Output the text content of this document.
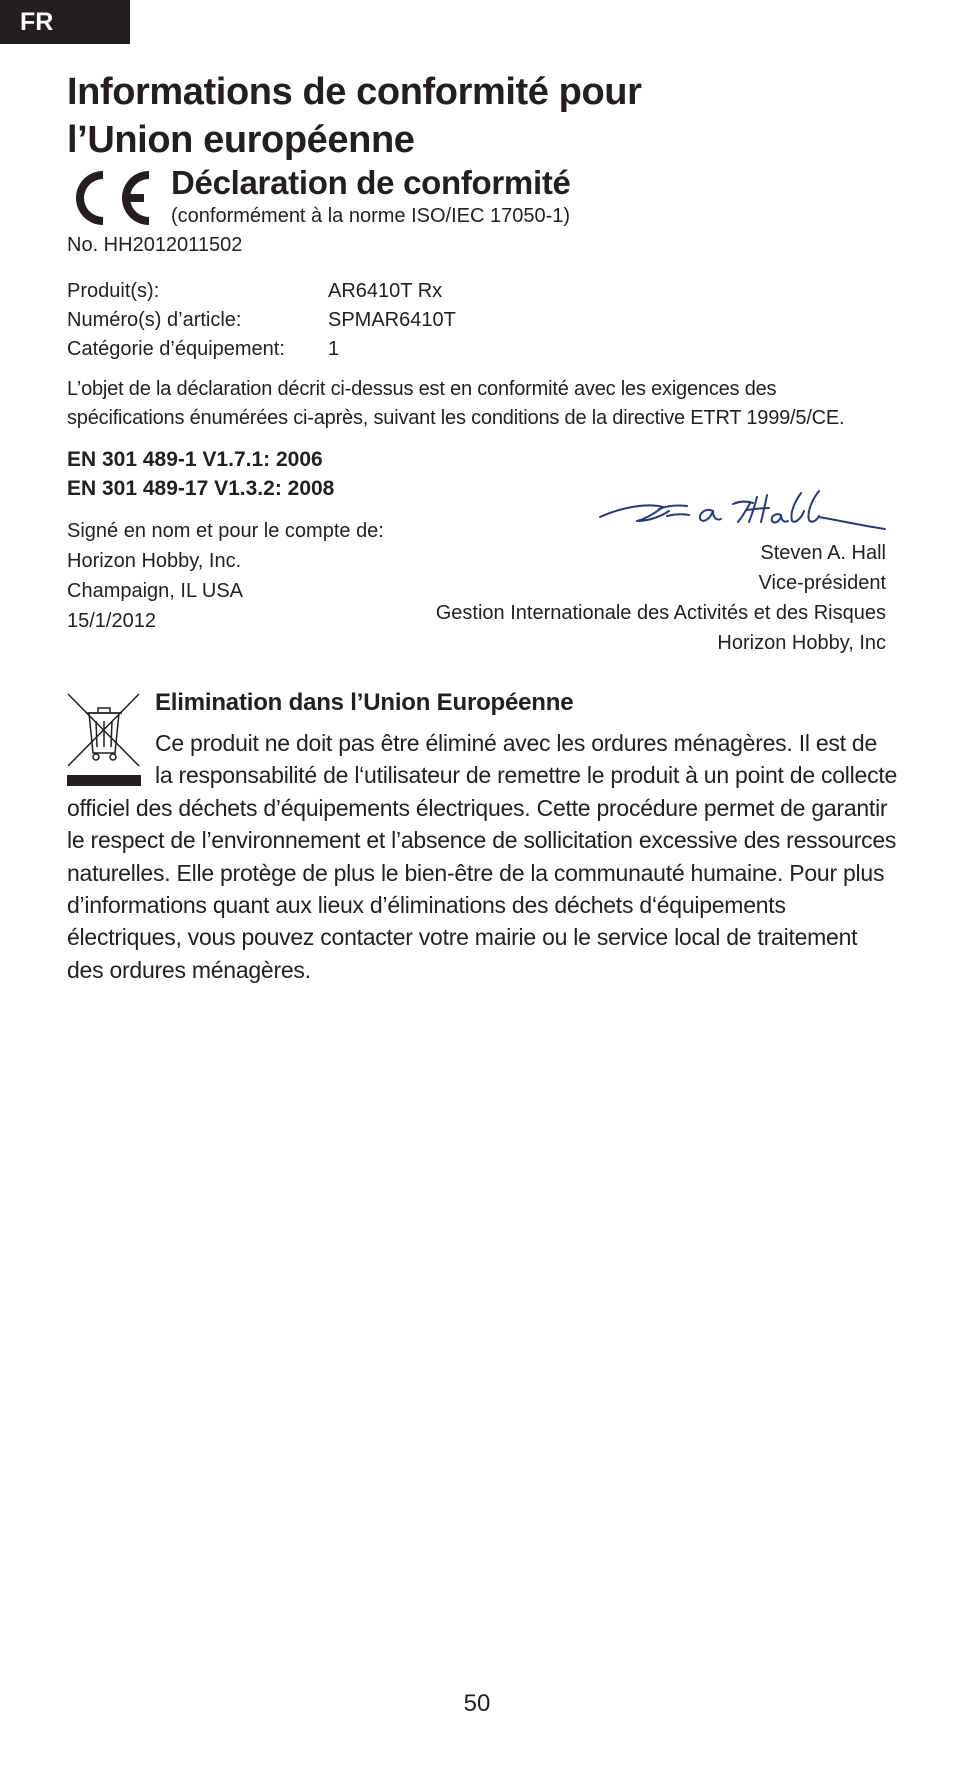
FR
Informations de conformité pour l’Union européenne
Déclaration de conformité
(conformément à la norme ISO/IEC 17050-1)
No. HH2012011502
Produit(s):	AR6410T Rx
Numéro(s) d’article:	SPMAR6410T
Catégorie d’équipement:	1
L’objet de la déclaration décrit ci-dessus est en conformité avec les exigences des spécifications énumérées ci-après, suivant les conditions de la directive ETRT 1999/5/CE.
EN 301 489-1 V1.7.1: 2006
EN 301 489-17 V1.3.2: 2008
Signé en nom et pour le compte de:
Horizon Hobby, Inc.
Champaign, IL USA
15/1/2012
Steven A. Hall
Vice-président
Gestion Internationale des Activités et des Risques
Horizon Hobby, Inc
Elimination dans l’Union Européenne
Ce produit ne doit pas être éliminé avec les ordures ménagères. Il est de la responsabilité de l‘utilisateur de remettre le produit à un point de collecte officiel des déchets d’équipements électriques. Cette procédure permet de garantir le respect de l’environnement et l’absence de sollicitation excessive des ressources naturelles. Elle protège de plus le bien-être de la communauté humaine. Pour plus d’informations quant aux lieux d’éliminations des déchets d‘équipements électriques, vous pouvez contacter votre mairie ou le service local de traitement des ordures ménagères.
50
